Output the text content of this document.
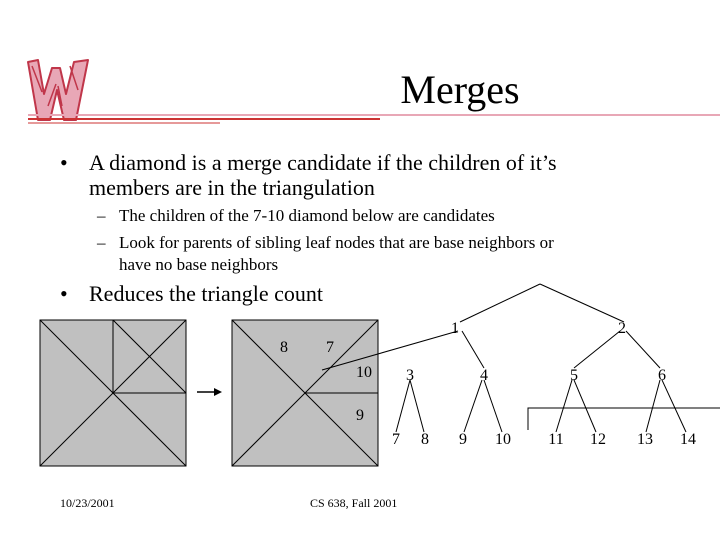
Merges
• A diamond is a merge candidate if the children of it’s
members are in the triangulation
– The children of the 7-10 diamond below are candidates
– Look for parents of sibling leaf nodes that are base neighbors or
have no base neighbors
• Reduces the triangle count
8 7
10
9
1	2
3	4	5	6
7 8 9 10 11 12 13 14
10/23/2001	CS 638, Fall 2001
